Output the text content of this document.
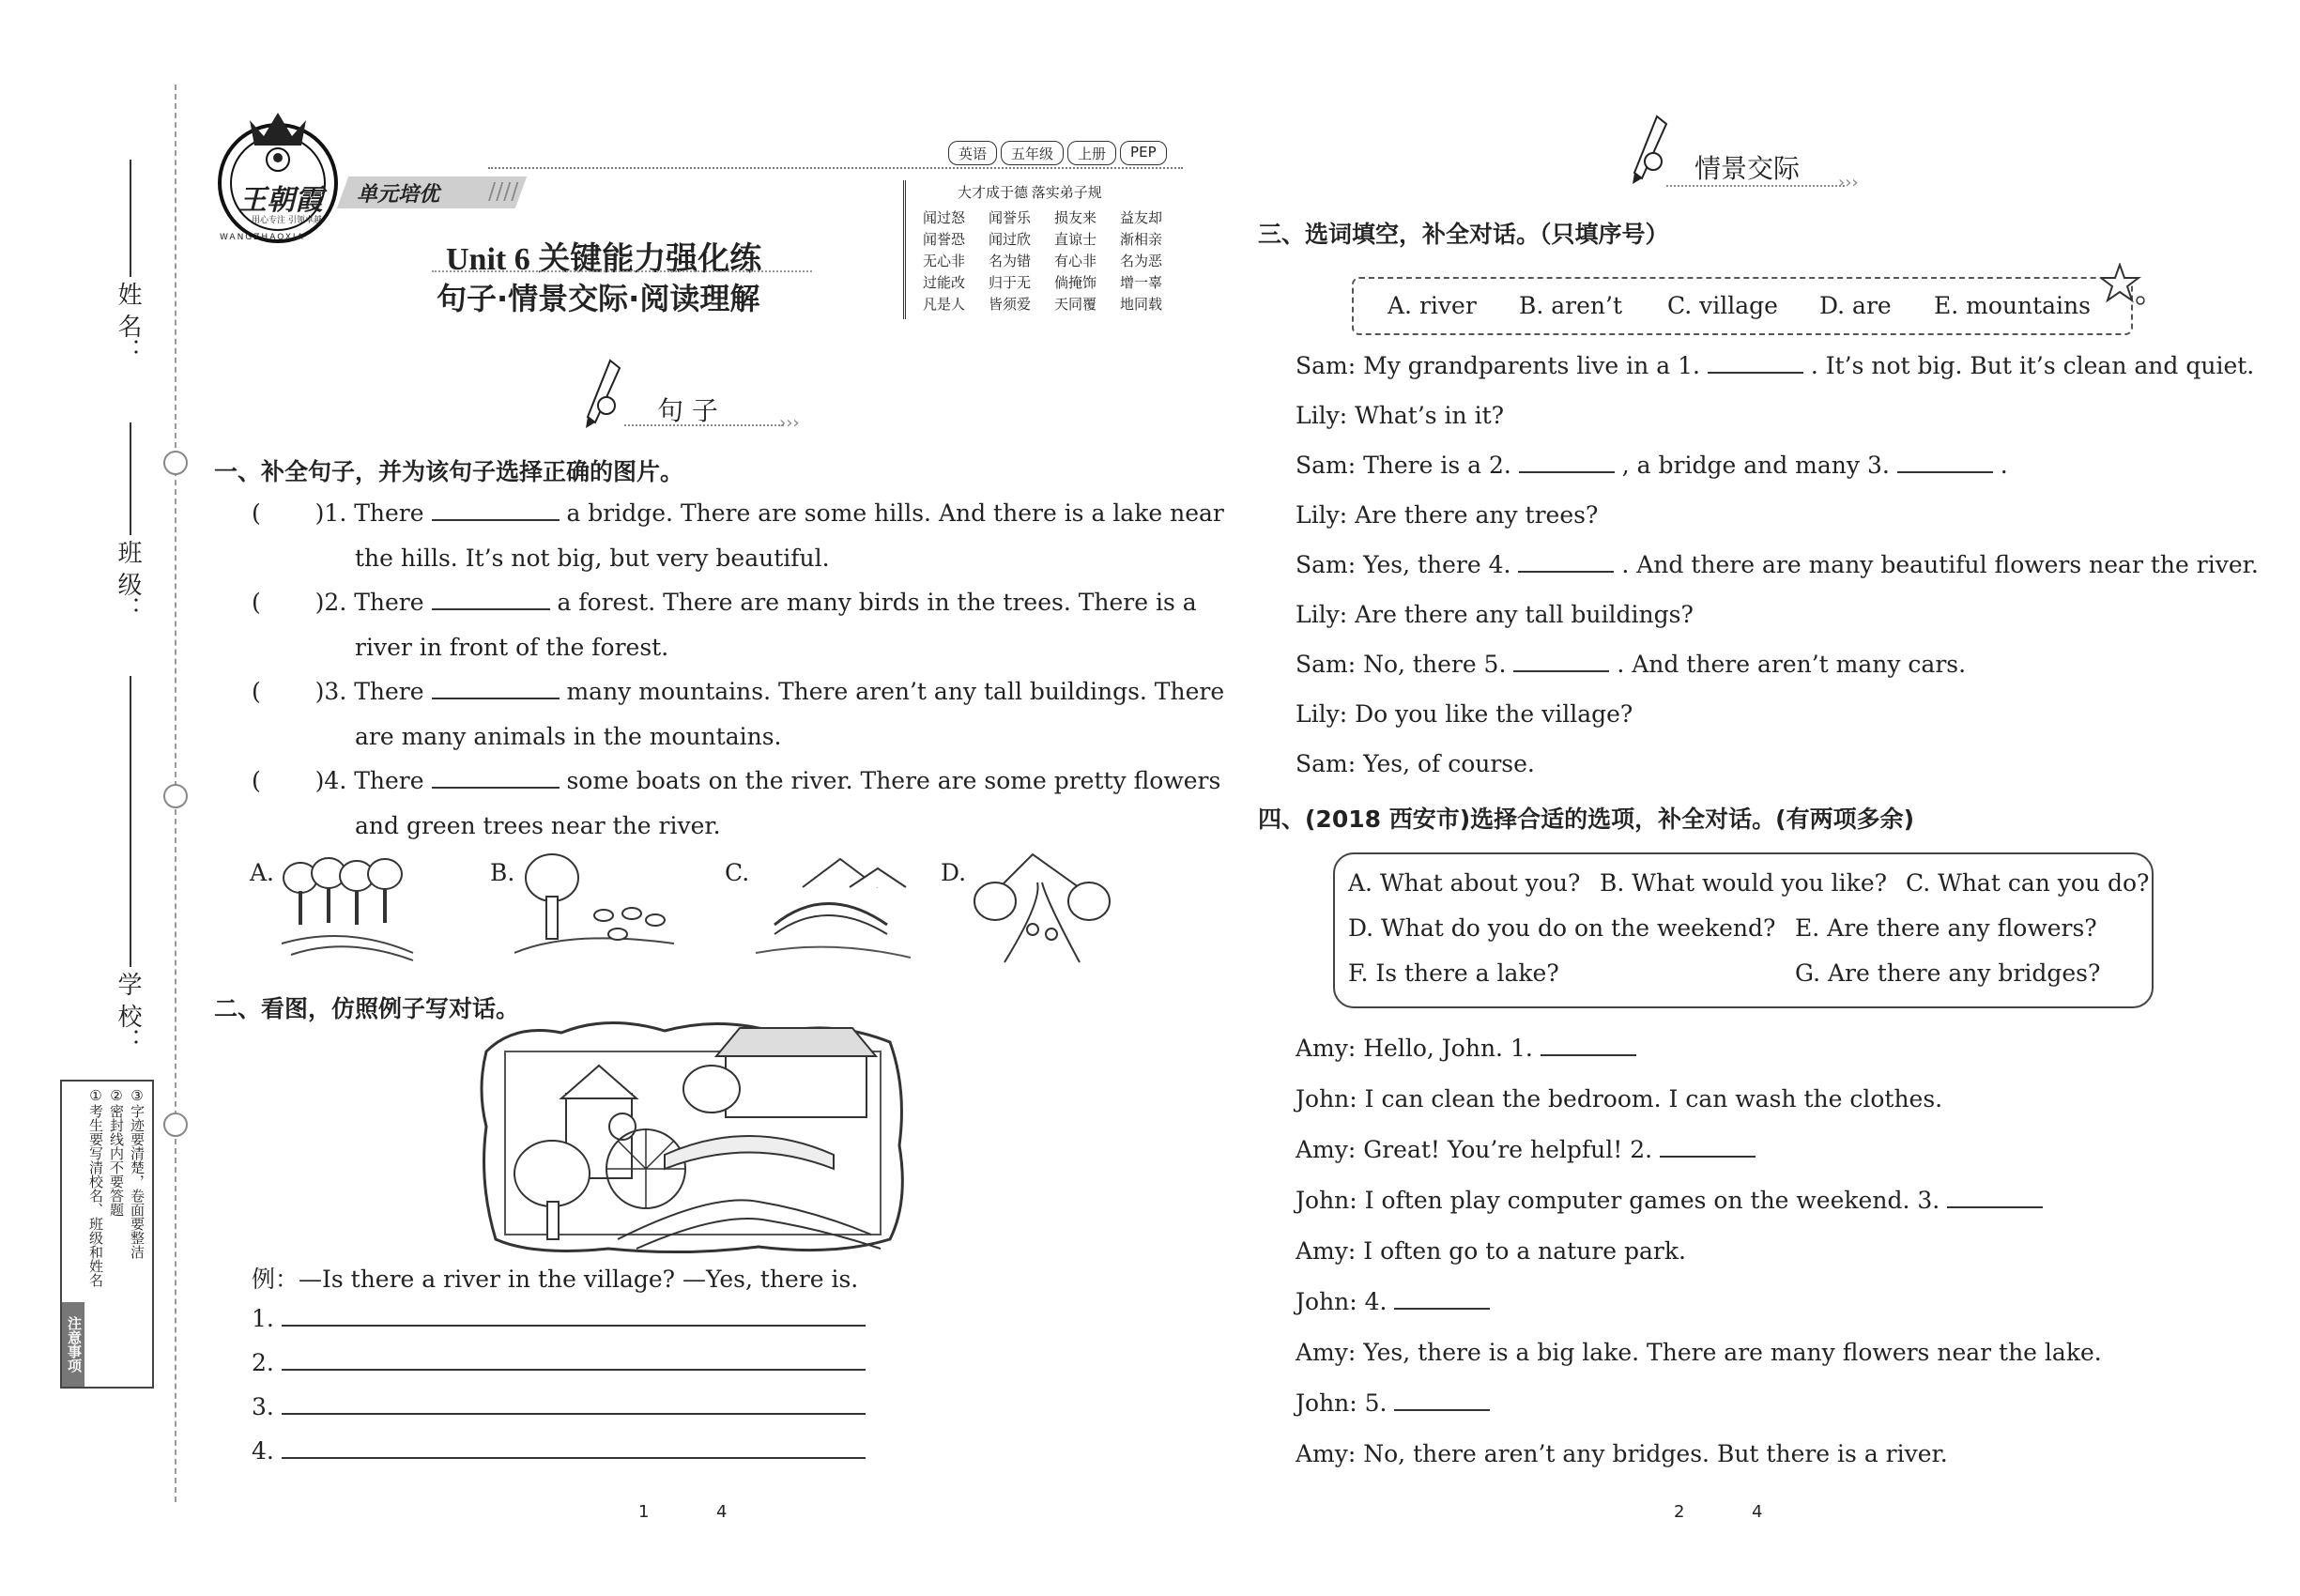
姓 名：
班 级：
学 校：
注意事项
①考生要写清校名、班级和姓名 ②密封线内不要答题 ③字迹要清楚，卷面要整洁
王朝霞
用心专注 引领卓越
WANGZHAOXIA
单元培优 ////
英语	五年级	上册	PEP
Unit 6 关键能力强化练
句子·情景交际·阅读理解
大才成于德 落实弟子规
闻过怒
闻誉恐
无心非
过能改
凡是人
闻誉乐
闻过欣
名为错
归于无
皆须爱
损友来
直谅士
有心非
倘掩饰
天同覆
益友却
渐相亲
名为恶
增一辜
地同载
句 子	›››
一、补全句子，并为该句子选择正确的图片。
( )1. There	a bridge. There are some hills. And there is a lake near
the hills. It’s not big, but very beautiful.
( )2. There	a forest. There are many birds in the trees. There is a
river in front of the forest.
( )3. There	many mountains. There aren’t any tall buildings. There
are many animals in the mountains.
( )4. There	some boats on the river. There are some pretty flowers
and green trees near the river.
A.	B.	C.	D.
二、看图，仿照例子写对话。
例：—Is there a river in the village? —Yes, there is.
1.
2.
3.
4.
1	4
情景交际 ›››
三、选词填空，补全对话。（只填序号）
A. river B. aren’t C. village D. are E. mountains
Sam: My grandparents live in a 1.	. It’s not big. But it’s clean and quiet.
Lily: What’s in it?
Sam: There is a 2.	, a bridge and many 3.	.
Lily: Are there any trees?
Sam: Yes, there 4.	. And there are many beautiful flowers near the river.
Lily: Are there any tall buildings?
Sam: No, there 5.	. And there aren’t many cars.
Lily: Do you like the village?
Sam: Yes, of course.
四、(2018 西安市)选择合适的选项，补全对话。(有两项多余)
A. What about you? B. What would you like? C. What can you do?
D. What do you do on the weekend? E. Are there any flowers?
F. Is there a lake?	G. Are there any bridges?
Amy: Hello, John. 1.
John: I can clean the bedroom. I can wash the clothes.
Amy: Great! You’re helpful! 2.
John: I often play computer games on the weekend. 3.
Amy: I often go to a nature park.
John: 4.
Amy: Yes, there is a big lake. There are many flowers near the lake.
John: 5.
Amy: No, there aren’t any bridges. But there is a river.
2	4
